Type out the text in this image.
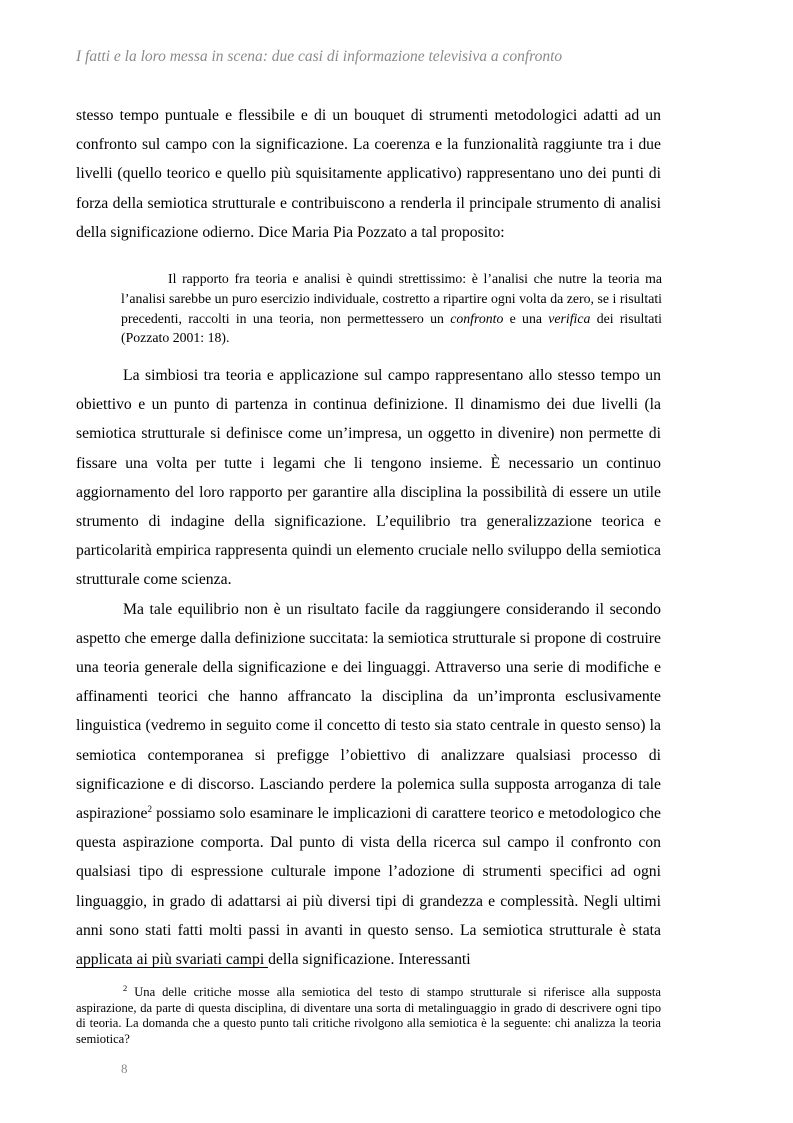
I fatti e la loro messa in scena: due casi di informazione televisiva a confronto

stesso tempo puntuale e flessibile e di un bouquet di strumenti metodologici adatti ad un confronto sul campo con la significazione. La coerenza e la funzionalità raggiunte tra i due livelli (quello teorico e quello più squisitamente applicativo) rappresentano uno dei punti di forza della semiotica strutturale e contribuiscono a renderla il principale strumento di analisi della significazione odierno. Dice Maria Pia Pozzato a tal proposito:

Il rapporto fra teoria e analisi è quindi strettissimo: è l’analisi che nutre la teoria ma l’analisi sarebbe un puro esercizio individuale, costretto a ripartire ogni volta da zero, se i risultati precedenti, raccolti in una teoria, non permettessero un confronto e una verifica dei risultati (Pozzato 2001: 18).

La simbiosi tra teoria e applicazione sul campo rappresentano allo stesso tempo un obiettivo e un punto di partenza in continua definizione. Il dinamismo dei due livelli (la semiotica strutturale si definisce come un’impresa, un oggetto in divenire) non permette di fissare una volta per tutte i legami che li tengono insieme. È necessario un continuo aggiornamento del loro rapporto per garantire alla disciplina la possibilità di essere un utile strumento di indagine della significazione. L’equilibrio tra generalizzazione teorica e particolarità empirica rappresenta quindi un elemento cruciale nello sviluppo della semiotica strutturale come scienza.

Ma tale equilibrio non è un risultato facile da raggiungere considerando il secondo aspetto che emerge dalla definizione succitata: la semiotica strutturale si propone di costruire una teoria generale della significazione e dei linguaggi. Attraverso una serie di modifiche e affinamenti teorici che hanno affrancato la disciplina da un’impronta esclusivamente linguistica (vedremo in seguito come il concetto di testo sia stato centrale in questo senso) la semiotica contemporanea si prefigge l’obiettivo di analizzare qualsiasi processo di significazione e di discorso. Lasciando perdere la polemica sulla supposta arroganza di tale aspirazione$^2$ possiamo solo esaminare le implicazioni di carattere teorico e metodologico che questa aspirazione comporta. Dal punto di vista della ricerca sul campo il confronto con qualsiasi tipo di espressione culturale impone l’adozione di strumenti specifici ad ogni linguaggio, in grado di adattarsi ai più diversi tipi di grandezza e complessità. Negli ultimi anni sono stati fatti molti passi in avanti in questo senso. La semiotica strutturale è stata applicata ai più svariati campi della significazione. Interessanti

$^2$ Una delle critiche mosse alla semiotica del testo di stampo strutturale si riferisce alla supposta aspirazione, da parte di questa disciplina, di diventare una sorta di metalinguaggio in grado di descrivere ogni tipo di teoria. La domanda che a questo punto tali critiche rivolgono alla semiotica è la seguente: chi analizza la teoria semiotica?

8
